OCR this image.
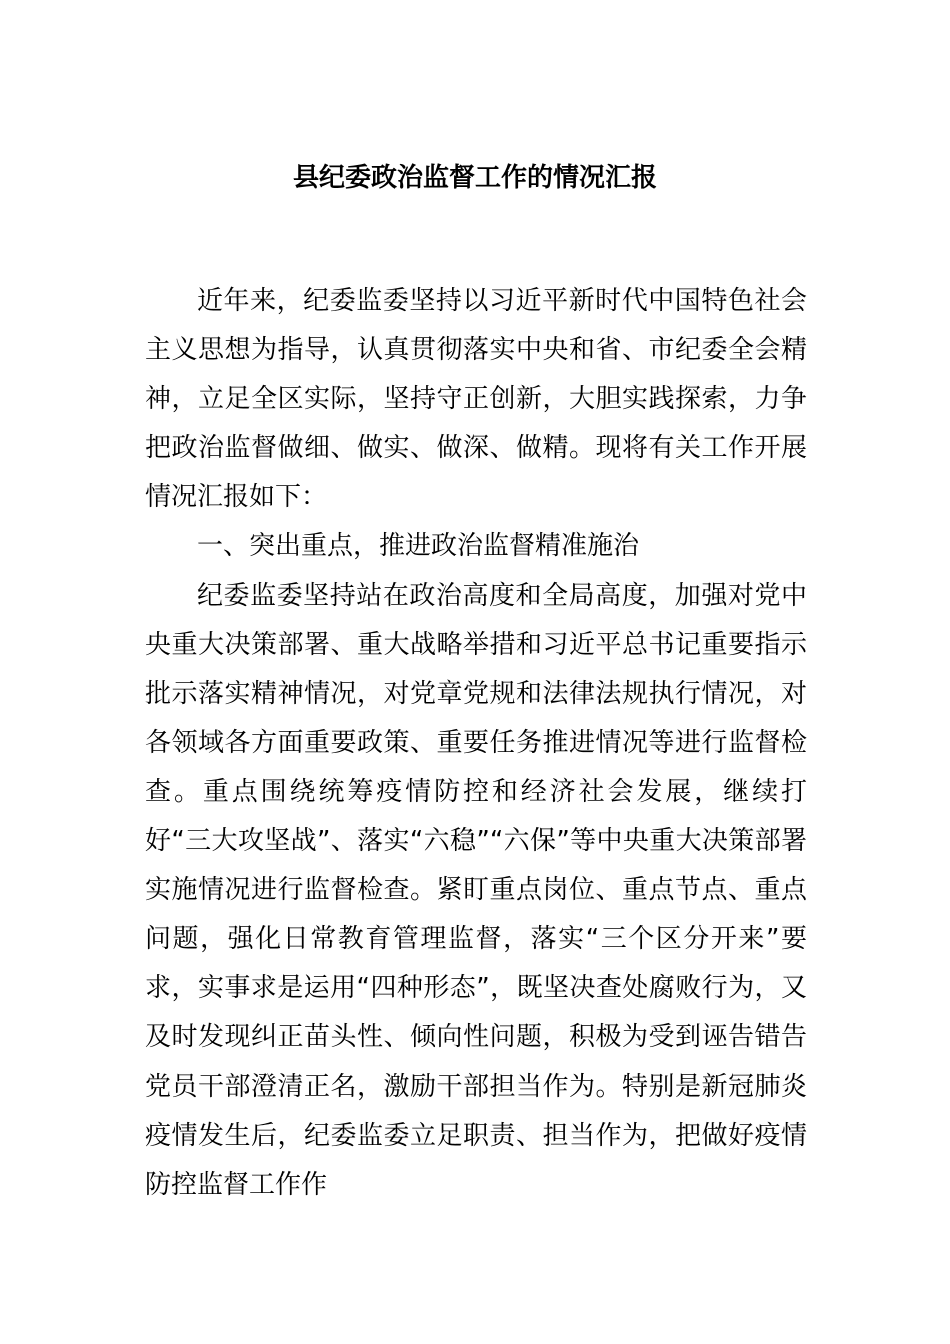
县纪委政治监督工作的情况汇报

近年来，纪委监委坚持以习近平新时代中国特色社会主义思想为指导，认真贯彻落实中央和省、市纪委全会精神，立足全区实际，坚持守正创新，大胆实践探索，力争把政治监督做细、做实、做深、做精。现将有关工作开展情况汇报如下：

一、突出重点，推进政治监督精准施治

纪委监委坚持站在政治高度和全局高度，加强对党中央重大决策部署、重大战略举措和习近平总书记重要指示批示落实精神情况，对党章党规和法律法规执行情况，对各领域各方面重要政策、重要任务推进情况等进行监督检查。重点围绕统筹疫情防控和经济社会发展，继续打好“三大攻坚战”、落实“六稳”“六保”等中央重大决策部署实施情况进行监督检查。紧盯重点岗位、重点节点、重点问题，强化日常教育管理监督，落实“三个区分开来”要求，实事求是运用“四种形态”，既坚决查处腐败行为，又及时发现纠正苗头性、倾向性问题，积极为受到诬告错告党员干部澄清正名，激励干部担当作为。特别是新冠肺炎疫情发生后，纪委监委立足职责、担当作为，把做好疫情防控监督工作作
